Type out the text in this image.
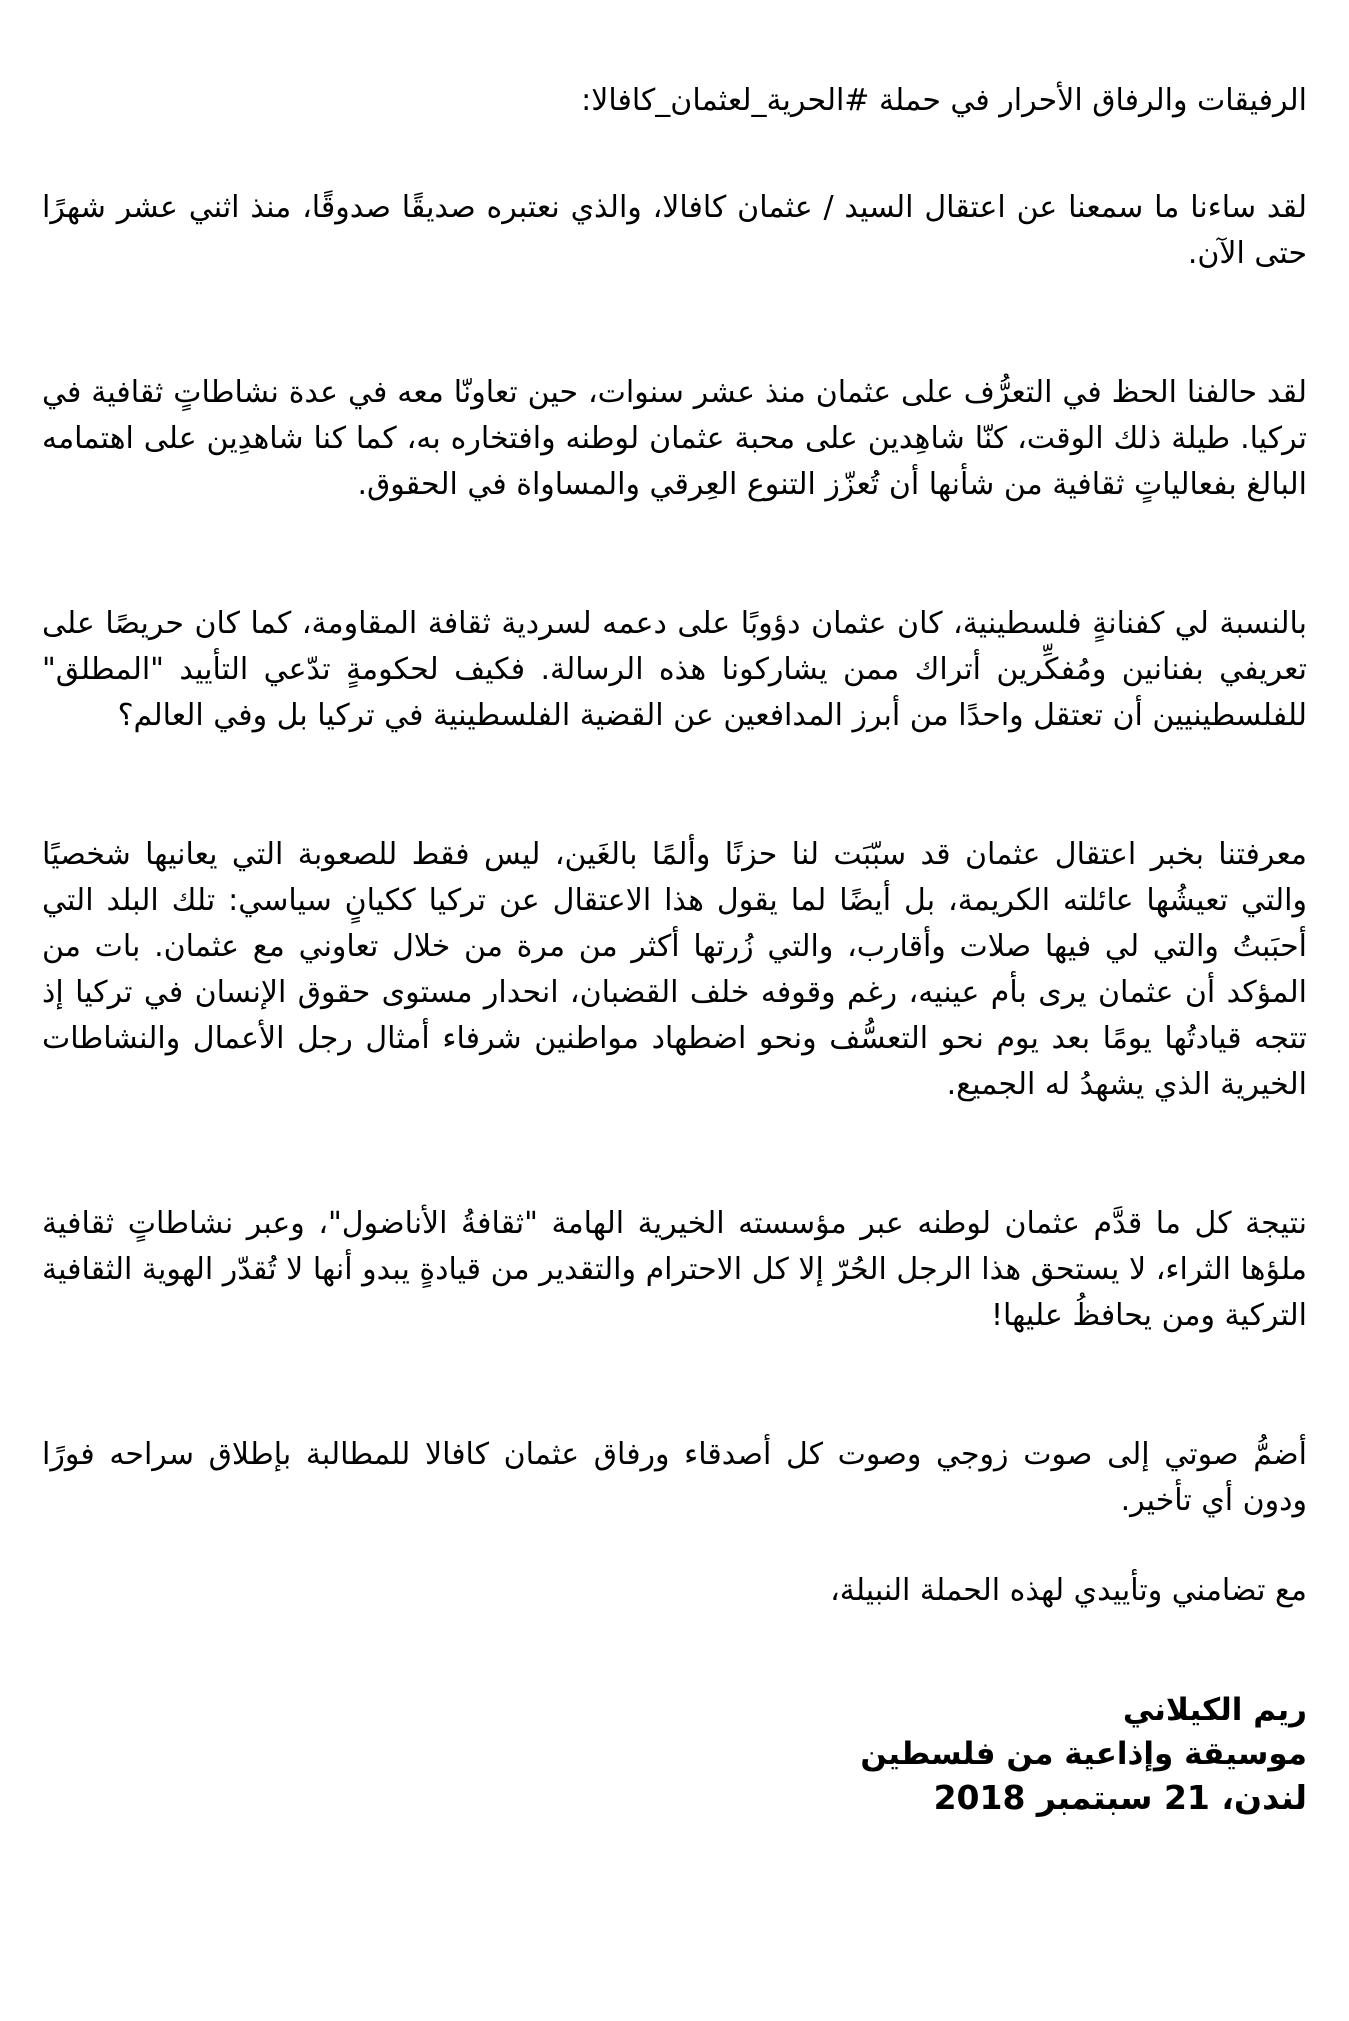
الرفيقات والرفاق الأحرار في حملة #الحرية_لعثمان_كافالا:

لقد ساءنا ما سمعنا عن اعتقال السيد / عثمان كافالا، والذي نعتبره صديقًا صدوقًا، منذ اثني عشر شهرًا حتى الآن.

لقد حالفنا الحظ في التعرُّف على عثمان منذ عشر سنوات، حين تعاونّا معه في عدة نشاطاتٍ ثقافية في تركيا. طيلة ذلك الوقت، كنّا شاهِدين على محبة عثمان لوطنه وافتخاره به، كما كنا شاهدِين على اهتمامه البالغ بفعالياتٍ ثقافية من شأنها أن تُعزّز التنوع العِرقي والمساواة في الحقوق.

بالنسبة لي كفنانةٍ فلسطينية، كان عثمان دؤوبًا على دعمه لسردية ثقافة المقاومة، كما كان حريصًا على تعريفي بفنانين ومُفكِّرين أتراك ممن يشاركونا هذه الرسالة. فكيف لحكومةٍ تدّعي التأييد "المطلق" للفلسطينيين أن تعتقل واحدًا من أبرز المدافعين عن القضية الفلسطينية في تركيا بل وفي العالم؟

معرفتنا بخبر اعتقال عثمان قد سبّبَت لنا حزنًا وألمًا بالغَين، ليس فقط للصعوبة التي يعانيها شخصيًا والتي تعيشُها عائلته الكريمة، بل أيضًا لما يقول هذا الاعتقال عن تركيا ككيانٍ سياسي: تلك البلد التي أحبَبتُ والتي لي فيها صلات وأقارب، والتي زُرتها أكثر من مرة من خلال تعاوني مع عثمان. بات من المؤكد أن عثمان يرى بأم عينيه، رغم وقوفه خلف القضبان، انحدار مستوى حقوق الإنسان في تركيا إذ تتجه قيادتُها يومًا بعد يوم نحو التعسُّف ونحو اضطهاد مواطنين شرفاء أمثال رجل الأعمال والنشاطات الخيرية الذي يشهدُ له الجميع.

نتيجة كل ما قدَّم عثمان لوطنه عبر مؤسسته الخيرية الهامة "ثقافةُ الأناضول"، وعبر نشاطاتٍ ثقافية ملؤها الثراء، لا يستحق هذا الرجل الحُرّ إلا كل الاحترام والتقدير من قيادةٍ يبدو أنها لا تُقدّر الهوية الثقافية التركية ومن يحافظُ عليها!

أضمُّ صوتي إلى صوت زوجي وصوت كل أصدقاء ورفاق عثمان كافالا للمطالبة بإطلاق سراحه فورًا ودون أي تأخير.

مع تضامني وتأييدي لهذه الحملة النبيلة،

ريم الكيلاني

موسيقة وإذاعية من فلسطين

لندن، 21 سبتمبر 2018
